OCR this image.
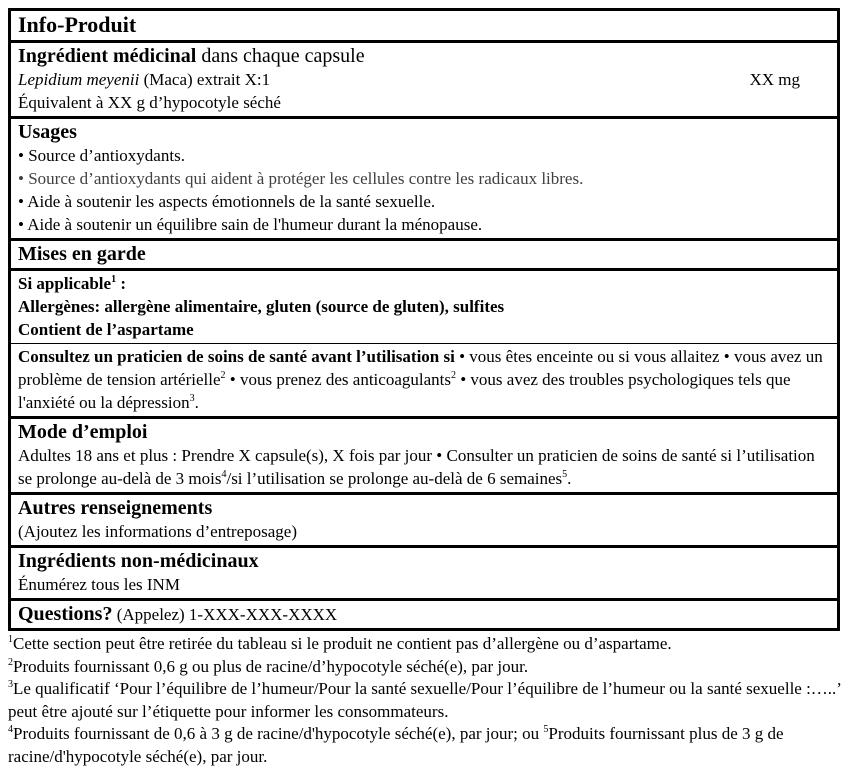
Info-Produit
Ingrédient médicinal dans chaque capsule
Lepidium meyenii (Maca) extrait X:1	XX mg
Équivalent à XX g d’hypocotyle séché
Usages
• Source d’antioxydants.
• Source d’antioxydants qui aident à protéger les cellules contre les radicaux libres.
• Aide à soutenir les aspects émotionnels de la santé sexuelle.
• Aide à soutenir un équilibre sain de l'humeur durant la ménopause.
Mises en garde
Si applicable$^1$ :
Allergènes: allergène alimentaire, gluten (source de gluten), sulfites
Contient de l’aspartame
Consultez un praticien de soins de santé avant l’utilisation si • vous êtes enceinte ou si vous allaitez • vous avez un problème de tension artérielle$^2$ • vous prenez des anticoagulants$^2$ • vous avez des troubles psychologiques tels que l'anxiété ou la dépression$^3$.
Mode d’emploi
Adultes 18 ans et plus : Prendre X capsule(s), X fois par jour • Consulter un praticien de soins de santé si l’utilisation se prolonge au-delà de 3 mois$^4$/si l’utilisation se prolonge au-delà de 6 semaines$^5$.
Autres renseignements
(Ajoutez les informations d’entreposage)
Ingrédients non-médicinaux
Énumérez tous les INM
Questions? (Appelez) 1-XXX-XXX-XXXX

$^1$Cette section peut être retirée du tableau si le produit ne contient pas d’allergène ou d’aspartame.

$^2$Produits fournissant 0,6 g ou plus de racine/d’hypocotyle séché(e), par jour.

$^3$Le qualificatif ‘Pour l’équilibre de l’humeur/Pour la santé sexuelle/Pour l’équilibre de l’humeur ou la santé sexuelle :…..’ peut être ajouté sur l’étiquette pour informer les consommateurs.

$^4$Produits fournissant de 0,6 à 3 g de racine/d'hypocotyle séché(e), par jour; ou $^5$Produits fournissant plus de 3 g de racine/d'hypocotyle séché(e), par jour.
